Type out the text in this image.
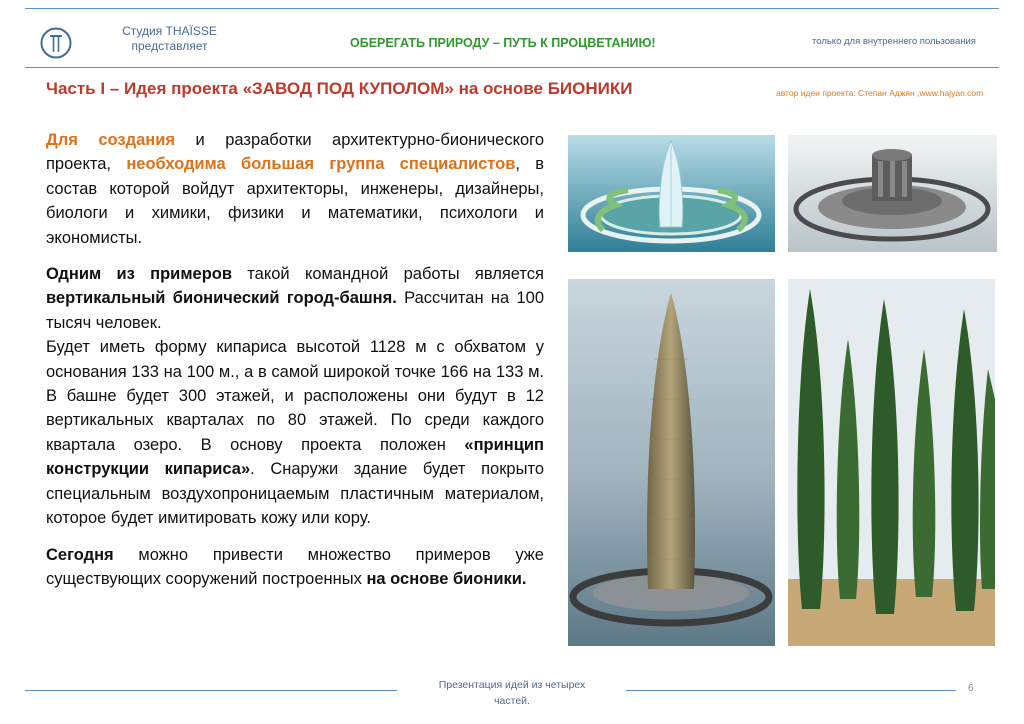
Студия THAÏSSE
представляет	ОБЕРЕГАТЬ ПРИРОДУ – ПУТЬ К ПРОЦВЕТАНИЮ!	только для внутреннего пользования
Часть I – Идея проекта «ЗАВОД ПОД КУПОЛОМ» на основе БИОНИКИ	автор идеи проекта: Степан Аджян ,www.hajyan.com

Для создания и разработки архитектурно-бионического проекта, необходима большая группа специалистов, в состав которой войдут архитекторы, инженеры, дизайнеры, биологи и химики, физики и математики, психологи и экономисты.

Одним из примеров такой командной работы является вертикальный бионический город-башня. Рассчитан на 100 тысяч человек.

Будет иметь форму кипариса высотой 1128 м с обхватом у основания 133 на 100 м., а в самой широкой точке 166 на 133 м. В башне будет 300 этажей, и расположены они будут в 12 вертикальных кварталах по 80 этажей. По среди каждого квартала озеро. В основу проекта положен «принцип конструкции кипариса». Снаружи здание будет покрыто специальным воздухопроницаемым пластичным материалом, которое будет имитировать кожу или кору.

Сегодня можно привести множество примеров уже существующих сооружений построенных на основе бионики.

Презентация идей из четырех
частей.
6
